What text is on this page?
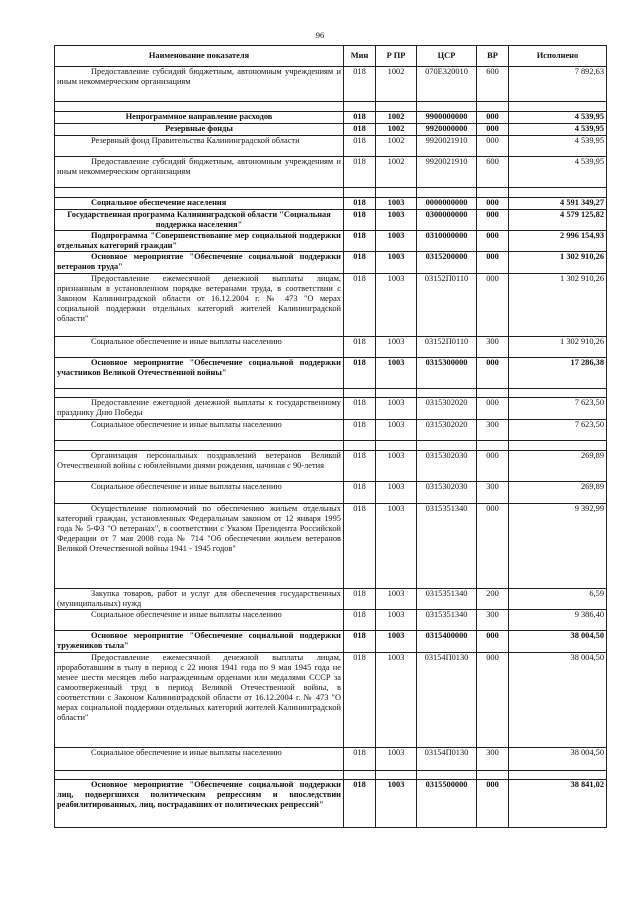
96
Наименование показателя	Мин	Р ПР	ЦСР	ВР	Исполнено
Предоставление субсидий бюджетным, автономным учреждениям и иным некоммерческим организациям	018	1002	070Е320010	600	7 892,63

Непрограммное направление расходов	018	1002	9900000000	000	4 539,95
Резервные фонды	018	1002	9920000000	000	4 539,95
Резервный фонд Правительства Калининградской области	018	1002	9920021910	000	4 539,95
Предоставление субсидий бюджетным, автономным учреждениям и иным некоммерческим организациям	018	1002	9920021910	600	4 539,95

Социальное обеспечение населения	018	1003	0000000000	000	4 591 349,27
Государственная программа Калининградской области "Социальная поддержка населения"	018	1003	0300000000	000	4 579 125,82
Подпрограмма "Совершенствование мер социальной поддержки отдельных категорий граждан"	018	1003	0310000000	000	2 996 154,93
Основное мероприятие "Обеспечение социальной поддержки ветеранов труда"	018	1003	0315200000	000	1 302 910,26
Предоставление ежемесячной денежной выплаты лицам, признанным в установленном порядке ветеранами труда, в соответствии с Законом Калининградской области от 16.12.2004 г. № 473 "О мерах социальной поддержки отдельных категорий жителей Калининградской области"	018	1003	03152П0110	000	1 302 910,26
Социальное обеспечение и иные выплаты населению	018	1003	03152П0110	300	1 302 910,26
Основное мероприятие "Обеспечение социальной поддержки участников Великой Отечественной войны"	018	1003	0315300000	000	17 286,38

Предоставление ежегодной денежной выплаты к государственному празднику Дню Победы	018	1003	0315302020	000	7 623,50
Социальное обеспечение и иные выплаты населению	018	1003	0315302020	300	7 623,50

Организация персональных поздравлений ветеранов Великой Отечественной войны с юбилейными днями рождения, начиная с 90-летия	018	1003	0315302030	000	269,89
Социальное обеспечение и иные выплаты населению	018	1003	0315302030	300	269,89
Осуществление полномочий по обеспечению жильем отдельных категорий граждан, установленных Федеральным законом от 12 января 1995 года № 5-ФЗ "О ветеранах", в соответствии с Указом Президента Российской Федерации от 7 мая 2008 года № 714 "Об обеспечении жильем ветеранов Великой Отечественной войны 1941 - 1945 годов"	018	1003	0315351340	000	9 392,99
Закупка товаров, работ и услуг для обеспечения государственных (муниципальных) нужд	018	1003	0315351340	200	6,59
Социальное обеспечение и иные выплаты населению	018	1003	0315351340	300	9 386,40
Основное мероприятие "Обеспечение социальной поддержки тружеников тыла"	018	1003	0315400000	000	38 004,50
Предоставление ежемесячной денежной выплаты лицам, проработавшим в тылу в период с 22 июня 1941 года по 9 мая 1945 года не менее шести месяцев либо награжденным орденами или медалями СССР за самоотверженный труд в период Великой Отечественной войны, в соответствии с Законом Калининградской области от 16.12.2004 г. № 473 "О мерах социальной поддержки отдельных категорий жителей Калининградской области"	018	1003	03154П0130	000	38 004,50
Социальное обеспечение и иные выплаты населению	018	1003	03154П0130	300	38 004,50

Основное мероприятие "Обеспечение социальной поддержки лиц, подвергшихся политическим репрессиям и впоследствии реабилитированных, лиц, пострадавших от политических репрессий"	018	1003	0315500000	000	38 841,02
